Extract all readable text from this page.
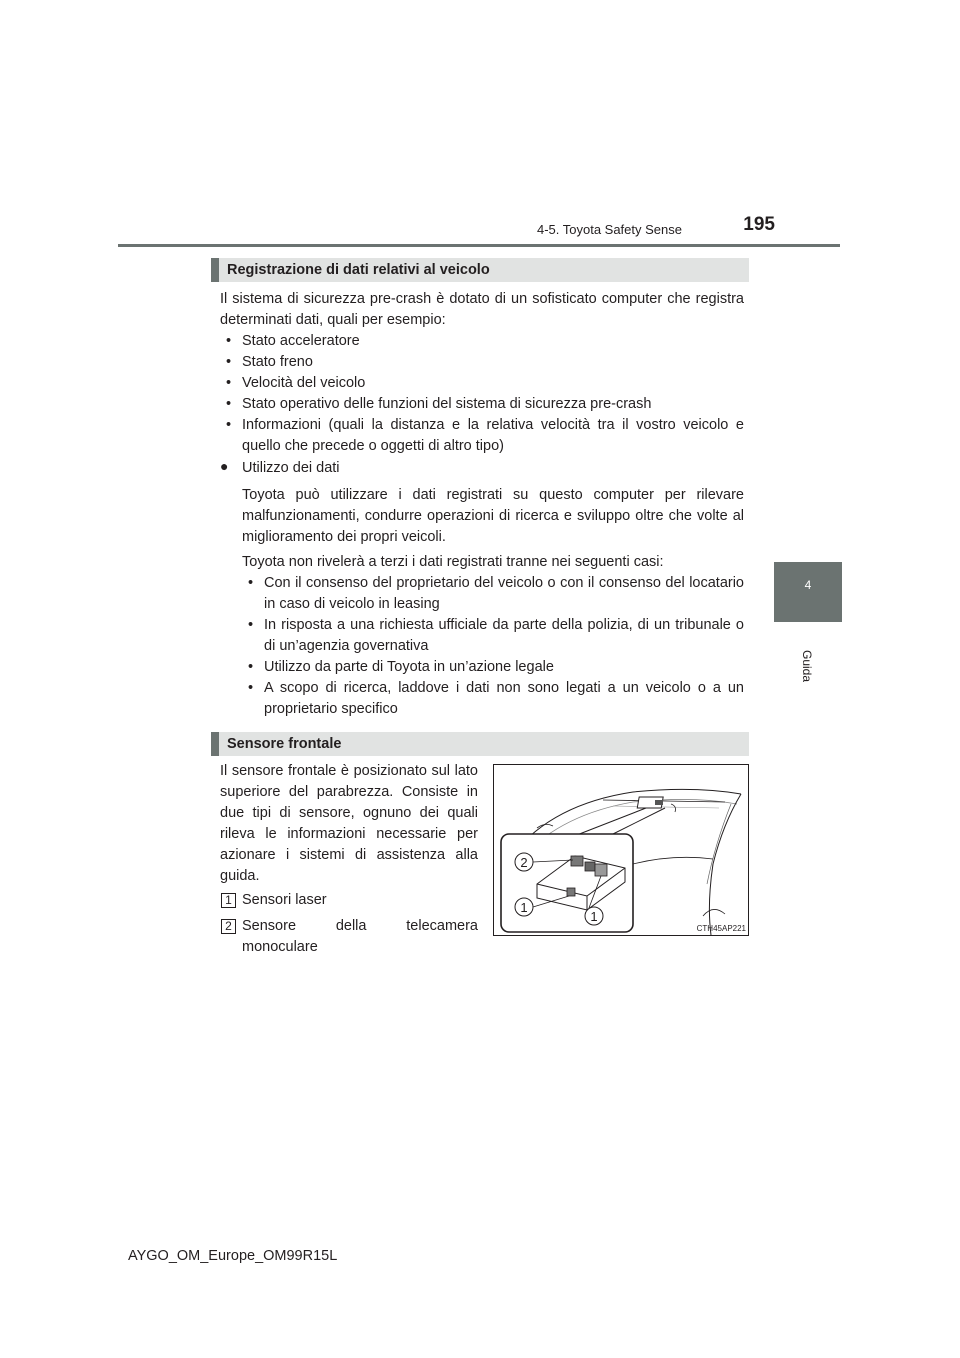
4-5. Toyota Safety Sense	195
4
Guida
Registrazione di dati relativi al veicolo
Il sistema di sicurezza pre-crash è dotato di un sofisticato computer che registra determinati dati, quali per esempio:
• Stato acceleratore
• Stato freno
• Velocità del veicolo
• Stato operativo delle funzioni del sistema di sicurezza pre-crash
• Informazioni (quali la distanza e la relativa velocità tra il vostro veicolo e quello che precede o oggetti di altro tipo)
● Utilizzo dei dati
Toyota può utilizzare i dati registrati su questo computer per rilevare malfunzionamenti, condurre operazioni di ricerca e sviluppo oltre che volte al miglioramento dei propri veicoli.
Toyota non rivelerà a terzi i dati registrati tranne nei seguenti casi:
• Con il consenso del proprietario del veicolo o con il consenso del locatario in caso di veicolo in leasing
• In risposta a una richiesta ufficiale da parte della polizia, di un tribunale o di un’agenzia governativa
• Utilizzo da parte di Toyota in un’azione legale
• A scopo di ricerca, laddove i dati non sono legati a un veicolo o a un proprietario specifico
Sensore frontale
Il sensore frontale è posizionato sul lato superiore del parabrezza. Consiste in due tipi di sensore, ognuno dei quali rileva le informazioni necessarie per azionare i sistemi di assistenza alla guida.
1 Sensori laser
2 Sensore della telecamera monoculare
2
1
1
CTH45AP221
AYGO_OM_Europe_OM99R15L
